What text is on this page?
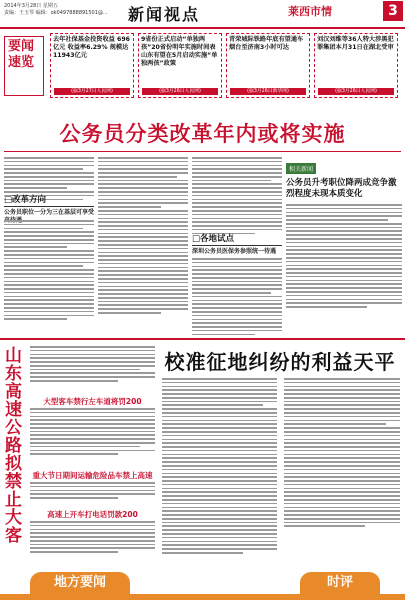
2014年3月28日 星期五
责编：王玉琴 编辑：ok0497888891501@...	新闻视点	莱西市情	3
要闻
速览
去年社保基金投资收益 696亿元 收益率6.29% 规模达11943亿元
(据3月27日人民网)
9省份正式启动“单独两孩”20省份明年实施时间表 山东有望在5月启动实施“单独两孩”政策
(据3月26日人民网)
青荣城际铁路年底有望通车 烟台至济南3小时可达
(据3月26日新华网)
刘汉刘维等36人特大涉黑犯罪集团本月31日在湖北受审
(据3月26日人民网)
公务员分类改革年内或将实施
□改革方向
公务员职位一分为三在基层可享受
□各地试点
深圳公务员医保务参照统一待遇
相关新闻
公务员升考职位降两成竞争激烈程度未现本质变化
山东高速公路拟禁止大客
大型客车禁行左车道将罚200
重大节日期间运输危险品车禁上高速
高速上开车打电话罚款200
校准征地纠纷的利益天平
地方要闻	时评
